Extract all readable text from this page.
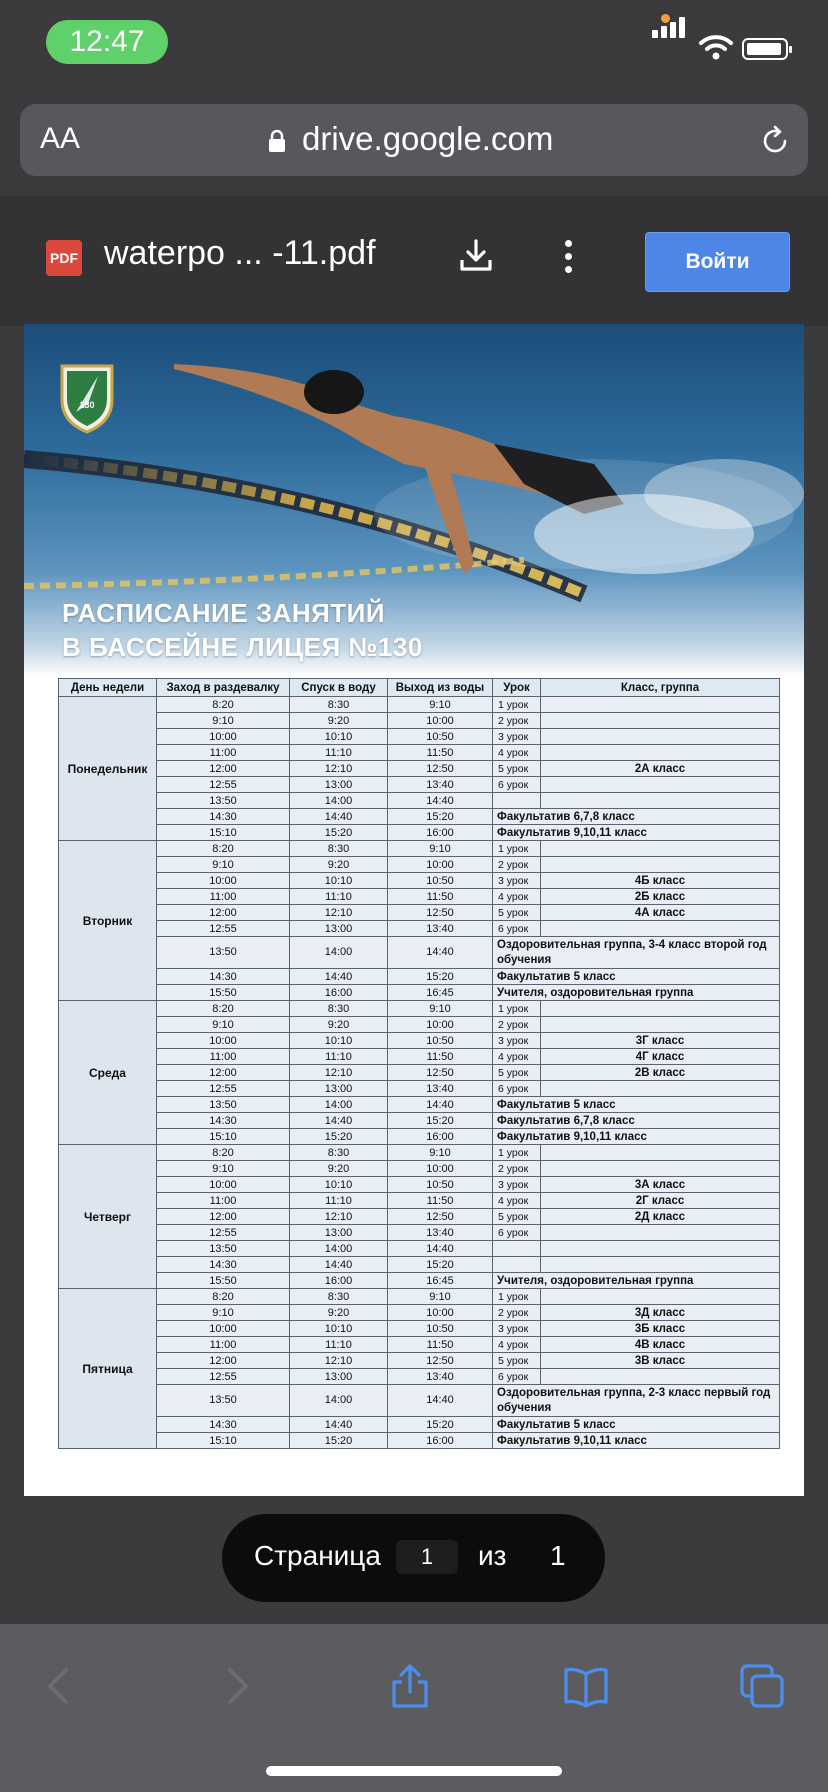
12:47
AA	drive.google.com
PDF waterpo ... -11.pdf	Войти
130
РАСПИСАНИЕ ЗАНЯТИЙ
В БАССЕЙНЕ ЛИЦЕЯ №130
День недели	Заход в раздевалку	Спуск в воду	Выход из воды	Урок	Класс, группа
Понедельник	8:20	8:30	9:10	1 урок	
	9:10	9:20	10:00	2 урок	
	10:00	10:10	10:50	3 урок	
	11:00	11:10	11:50	4 урок	
	12:00	12:10	12:50	5 урок	2А класс
	12:55	13:00	13:40	6 урок	
	13:50	14:00	14:40		
	14:30	14:40	15:20	Факультатив 6,7,8 класс	
	15:10	15:20	16:00	Факультатив 9,10,11 класс	
Вторник	8:20	8:30	9:10	1 урок	
	9:10	9:20	10:00	2 урок	
	10:00	10:10	10:50	3 урок	4Б класс
	11:00	11:10	11:50	4 урок	2Б класс
	12:00	12:10	12:50	5 урок	4А класс
	12:55	13:00	13:40	6 урок	
	13:50	14:00	14:40	Оздоровительная группа, 3-4 класс второй год обучения	
	14:30	14:40	15:20	Факультатив 5 класс	
	15:50	16:00	16:45	Учителя, оздоровительная группа	
Среда	8:20	8:30	9:10	1 урок	
	9:10	9:20	10:00	2 урок	
	10:00	10:10	10:50	3 урок	3Г класс
	11:00	11:10	11:50	4 урок	4Г класс
	12:00	12:10	12:50	5 урок	2В класс
	12:55	13:00	13:40	6 урок	
	13:50	14:00	14:40	Факультатив 5 класс	
	14:30	14:40	15:20	Факультатив 6,7,8 класс	
	15:10	15:20	16:00	Факультатив 9,10,11 класс	
Четверг	8:20	8:30	9:10	1 урок	
	9:10	9:20	10:00	2 урок	
	10:00	10:10	10:50	3 урок	3А класс
	11:00	11:10	11:50	4 урок	2Г класс
	12:00	12:10	12:50	5 урок	2Д класс
	12:55	13:00	13:40	6 урок	
	13:50	14:00	14:40		
	14:30	14:40	15:20		
	15:50	16:00	16:45	Учителя, оздоровительная группа	
Пятница	8:20	8:30	9:10	1 урок	
	9:10	9:20	10:00	2 урок	3Д класс
	10:00	10:10	10:50	3 урок	3Б класс
	11:00	11:10	11:50	4 урок	4В класс
	12:00	12:10	12:50	5 урок	3В класс
	12:55	13:00	13:40	6 урок	
	13:50	14:00	14:40	Оздоровительная группа, 2-3 класс первый год обучения	
	14:30	14:40	15:20	Факультатив 5 класс	
	15:10	15:20	16:00	Факультатив 9,10,11 класс	
Страница	1	из 1
